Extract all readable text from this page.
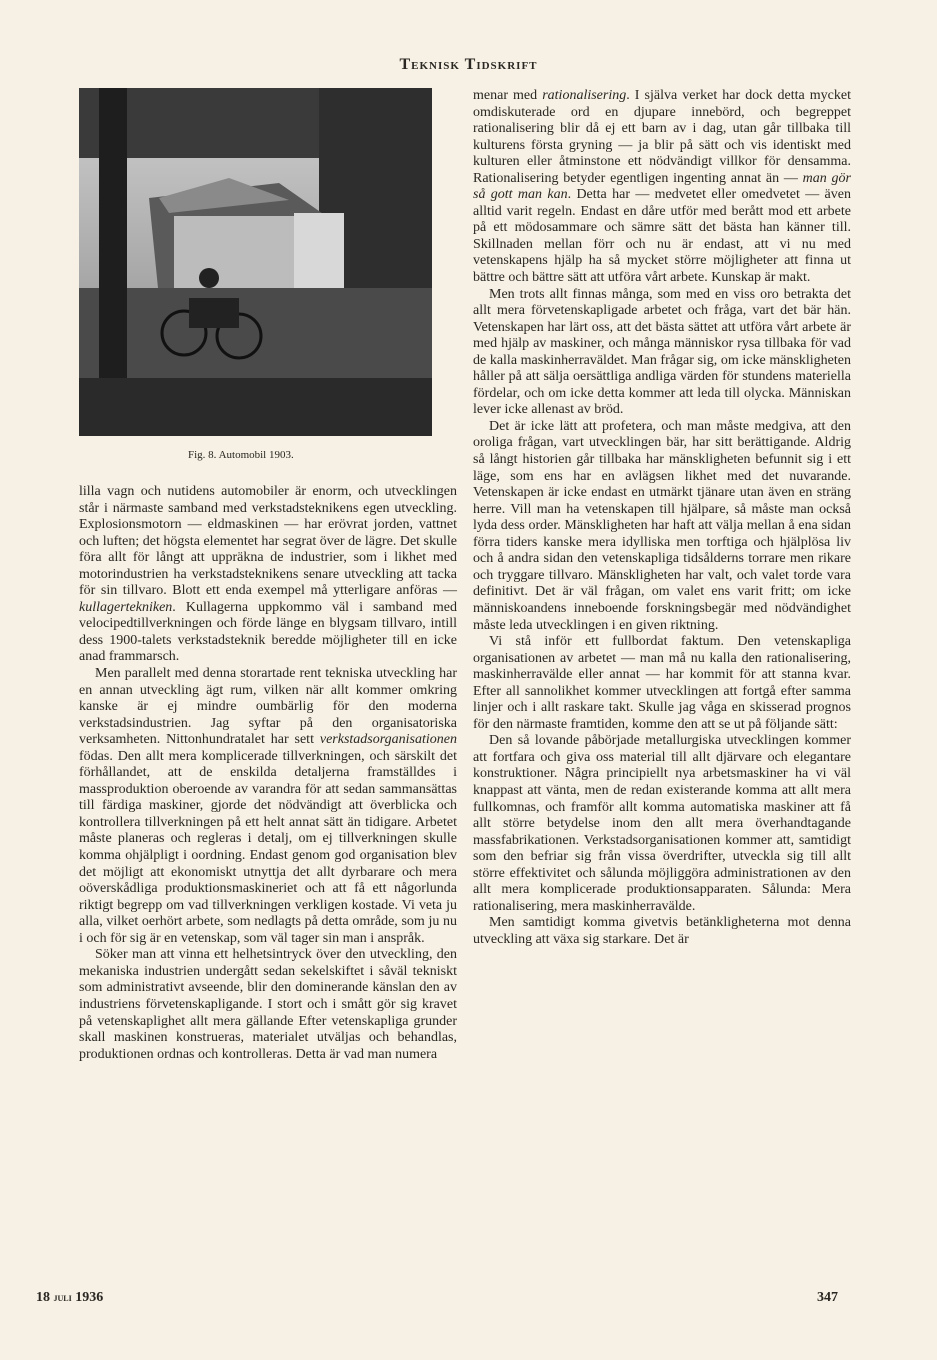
Teknisk Tidskrift
Fig. 8. Automobil 1903.

lilla vagn och nutidens automobiler är enorm, och utvecklingen står i närmaste samband med verkstadsteknikens egen utveckling. Explosionsmotorn — eldmaskinen — har erövrat jorden, vattnet och luften; det högsta elementet har segrat över de lägre. Det skulle föra allt för långt att uppräkna de industrier, som i likhet med motorindustrien ha verkstadsteknikens senare utveckling att tacka för sin tillvaro. Blott ett enda exempel må ytterligare anföras — kullagertekniken. Kullagerna uppkommo väl i samband med velocipedtillverkningen och förde länge en blygsam tillvaro, intill dess 1900-talets verkstadsteknik beredde möjligheter till en icke anad frammarsch.

Men parallelt med denna storartade rent tekniska utveckling har en annan utveckling ägt rum, vilken när allt kommer omkring kanske är ej mindre oumbärlig för den moderna verkstadsindustrien. Jag syftar på den organisatoriska verksamheten. Nittonhundratalet har sett verkstadsorganisationen födas. Den allt mera komplicerade tillverkningen, och särskilt det förhållandet, att de enskilda detaljerna framställdes i massproduktion oberoende av varandra för att sedan sammansättas till färdiga maskiner, gjorde det nödvändigt att överblicka och kontrollera tillverkningen på ett helt annat sätt än tidigare. Arbetet måste planeras och regleras i detalj, om ej tillverkningen skulle komma ohjälpligt i oordning. Endast genom god organisation blev det möjligt att ekonomiskt utnyttja det allt dyrbarare och mera oöverskådliga produktionsmaskineriet och att få ett någorlunda riktigt begrepp om vad tillverkningen verkligen kostade. Vi veta ju alla, vilket oerhört arbete, som nedlagts på detta område, som ju nu i och för sig är en vetenskap, som väl tager sin man i anspråk.

Söker man att vinna ett helhetsintryck över den utveckling, den mekaniska industrien undergått sedan sekelskiftet i såväl tekniskt som administrativt avseende, blir den dominerande känslan den av industriens förvetenskapligande. I stort och i smått gör sig kravet på vetenskaplighet allt mera gällande Efter vetenskapliga grunder skall maskinen konstrueras, materialet utväljas och behandlas, produktionen ordnas och kontrolleras. Detta är vad man numera

menar med rationalisering. I själva verket har dock detta mycket omdiskuterade ord en djupare innebörd, och begreppet rationalisering blir då ej ett barn av i dag, utan går tillbaka till kulturens första gryning — ja blir på sätt och vis identiskt med kulturen eller åtminstone ett nödvändigt villkor för densamma. Rationalisering betyder egentligen ingenting annat än — man gör så gott man kan. Detta har — medvetet eller omedvetet — även alltid varit regeln. Endast en dåre utför med berått mod ett arbete på ett mödosammare och sämre sätt det bästa han känner till. Skillnaden mellan förr och nu är endast, att vi nu med vetenskapens hjälp ha så mycket större möjligheter att finna ut bättre och bättre sätt att utföra vårt arbete. Kunskap är makt.

Men trots allt finnas många, som med en viss oro betrakta det allt mera förvetenskapligade arbetet och fråga, vart det bär hän. Vetenskapen har lärt oss, att det bästa sättet att utföra vårt arbete är med hjälp av maskiner, och många människor rysa tillbaka för vad de kalla maskinherraväldet. Man frågar sig, om icke mänskligheten håller på att sälja oersättliga andliga värden för stundens materiella fördelar, och om icke detta kommer att leda till olycka. Människan lever icke allenast av bröd.

Det är icke lätt att profetera, och man måste medgiva, att den oroliga frågan, vart utvecklingen bär, har sitt berättigande. Aldrig så långt historien går tillbaka har mänskligheten befunnit sig i ett läge, som ens har en avlägsen likhet med det nuvarande. Vetenskapen är icke endast en utmärkt tjänare utan även en sträng herre. Vill man ha vetenskapen till hjälpare, så måste man också lyda dess order. Mänskligheten har haft att välja mellan å ena sidan förra tiders kanske mera idylliska men torftiga och hjälplösa liv och å andra sidan den vetenskapliga tidsålderns torrare men rikare och tryggare tillvaro. Mänskligheten har valt, och valet torde vara definitivt. Det är väl frågan, om valet ens varit fritt; om icke människoandens inneboende forskningsbegär med nödvändighet måste leda utvecklingen i en given riktning.

Vi stå inför ett fullbordat faktum. Den vetenskapliga organisationen av arbetet — man må nu kalla den rationalisering, maskinherravälde eller annat — har kommit för att stanna kvar. Efter all sannolikhet kommer utvecklingen att fortgå efter samma linjer och i allt raskare takt. Skulle jag våga en skisserad prognos för den närmaste framtiden, komme den att se ut på följande sätt:

Den så lovande påbörjade metallurgiska utvecklingen kommer att fortfara och giva oss material till allt djärvare och elegantare konstruktioner. Några principiellt nya arbetsmaskiner ha vi väl knappast att vänta, men de redan existerande komma att allt mera fullkomnas, och framför allt komma automatiska maskiner att få allt större betydelse inom den allt mera överhandtagande massfabrikationen. Verkstadsorganisationen kommer att, samtidigt som den befriar sig från vissa överdrifter, utveckla sig till allt större effektivitet och sålunda möjliggöra administrationen av den allt mera komplicerade produktionsapparaten. Sålunda: Mera rationalisering, mera maskinherravälde.

Men samtidigt komma givetvis betänkligheterna mot denna utveckling att växa sig starkare. Det är

18 juli 1936	347
